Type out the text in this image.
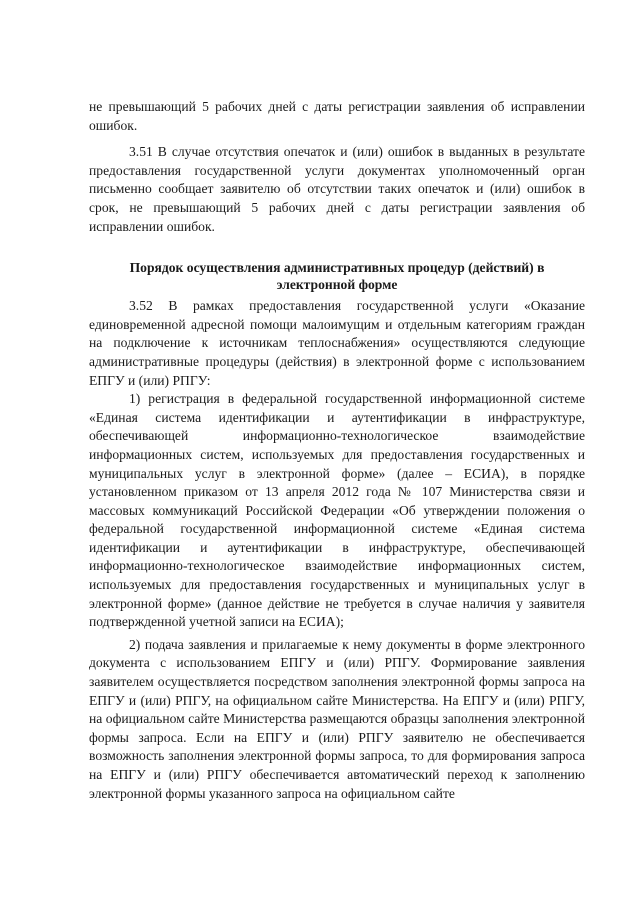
не превышающий 5 рабочих дней с даты регистрации заявления об исправлении ошибок.

3.51 В случае отсутствия опечаток и (или) ошибок в выданных в результате предоставления государственной услуги документах уполномоченный орган письменно сообщает заявителю об отсутствии таких опечаток и (или) ошибок в срок, не превышающий 5 рабочих дней с даты регистрации заявления об исправлении ошибок.

Порядок осуществления административных процедур (действий) в
электронной форме

3.52 В рамках предоставления государственной услуги «Оказание единовременной адресной помощи малоимущим и отдельным категориям граждан на подключение к источникам теплоснабжения» осуществляются следующие административные процедуры (действия) в электронной форме с использованием ЕПГУ и (или) РПГУ:

1) регистрация в федеральной государственной информационной системе «Единая система идентификации и аутентификации в инфраструктуре, обеспечивающей информационно-технологическое взаимодействие информационных систем, используемых для предоставления государственных и муниципальных услуг в электронной форме» (далее – ЕСИА), в порядке установленном приказом от 13 апреля 2012 года № 107 Министерства связи и массовых коммуникаций Российской Федерации «Об утверждении положения о федеральной государственной информационной системе «Единая система идентификации и аутентификации в инфраструктуре, обеспечивающей информационно-технологическое взаимодействие информационных систем, используемых для предоставления государственных и муниципальных услуг в электронной форме» (данное действие не требуется в случае наличия у заявителя подтвержденной учетной записи на ЕСИА);

2) подача заявления и прилагаемые к нему документы в форме электронного документа с использованием ЕПГУ и (или) РПГУ. Формирование заявления заявителем осуществляется посредством заполнения электронной формы запроса на ЕПГУ и (или) РПГУ, на официальном сайте Министерства. На ЕПГУ и (или) РПГУ, на официальном сайте Министерства размещаются образцы заполнения электронной формы запроса. Если на ЕПГУ и (или) РПГУ заявителю не обеспечивается возможность заполнения электронной формы запроса, то для формирования запроса на ЕПГУ и (или) РПГУ обеспечивается автоматический переход к заполнению электронной формы указанного запроса на официальном сайте
